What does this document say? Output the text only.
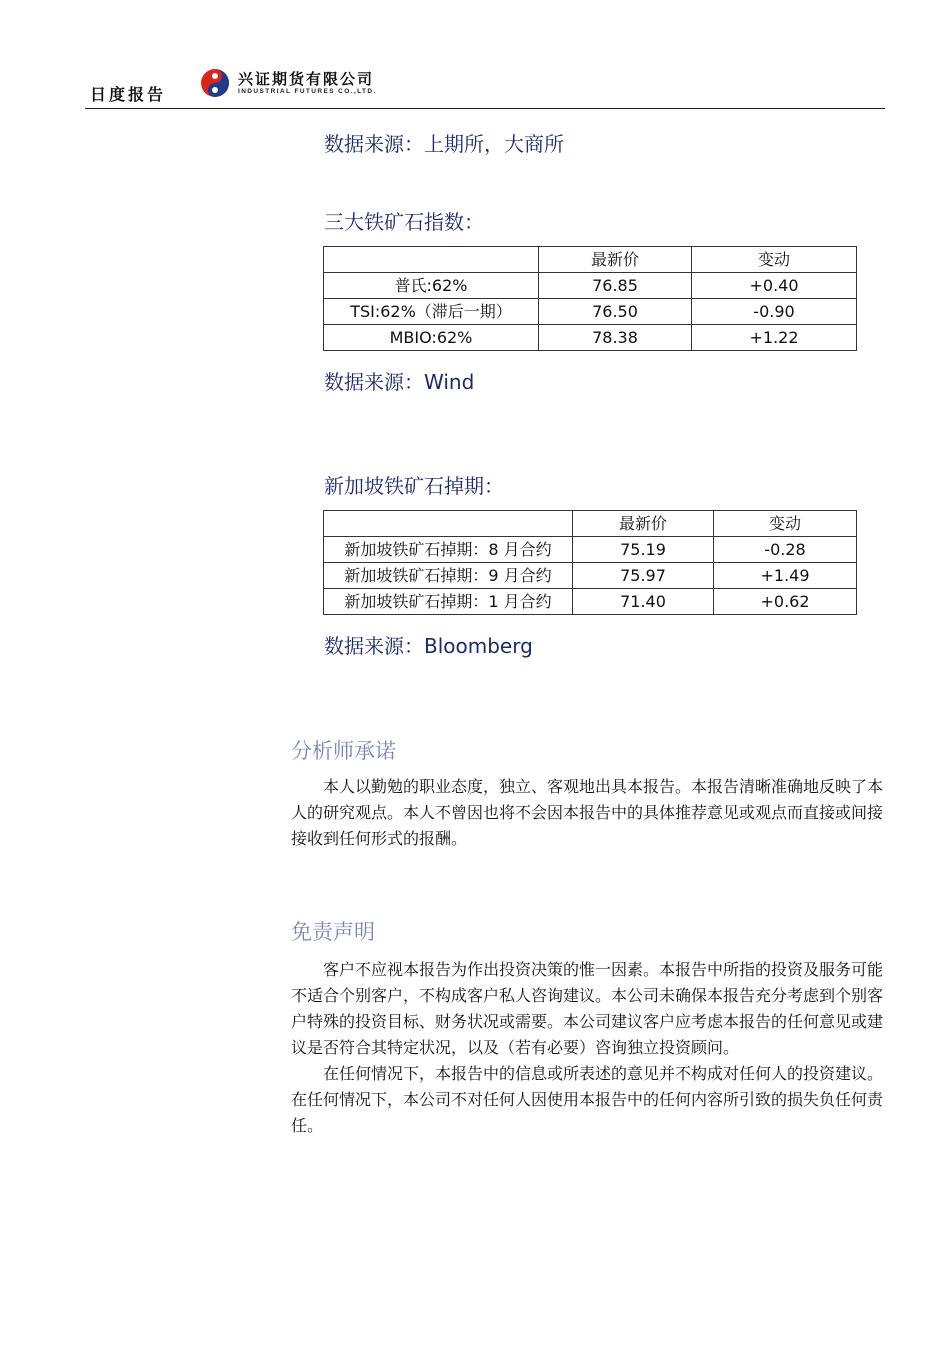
日度报告
兴证期货有限公司
INDUSTRIAL FUTURES CO.,LTD.
数据来源：上期所，大商所
三大铁矿石指数：
	最新价	变动
普氏:62%	76.85	+0.40
TSI:62%（滞后一期）	76.50	-0.90
MBIO:62%	78.38	+1.22
数据来源：Wind
新加坡铁矿石掉期：
	最新价	变动
新加坡铁矿石掉期：8 月合约	75.19	-0.28
新加坡铁矿石掉期：9 月合约	75.97	+1.49
新加坡铁矿石掉期：1 月合约	71.40	+0.62
数据来源：Bloomberg
分析师承诺

本人以勤勉的职业态度，独立、客观地出具本报告。本报告清晰准确地反映了本人的研究观点。本人不曾因也将不会因本报告中的具体推荐意见或观点而直接或间接接收到任何形式的报酬。

免责声明

客户不应视本报告为作出投资决策的惟一因素。本报告中所指的投资及服务可能不适合个别客户，不构成客户私人咨询建议。本公司未确保本报告充分考虑到个别客户特殊的投资目标、财务状况或需要。本公司建议客户应考虑本报告的任何意见或建议是否符合其特定状况，以及（若有必要）咨询独立投资顾问。

在任何情况下，本报告中的信息或所表述的意见并不构成对任何人的投资建议。在任何情况下，本公司不对任何人因使用本报告中的任何内容所引致的损失负任何责任。
